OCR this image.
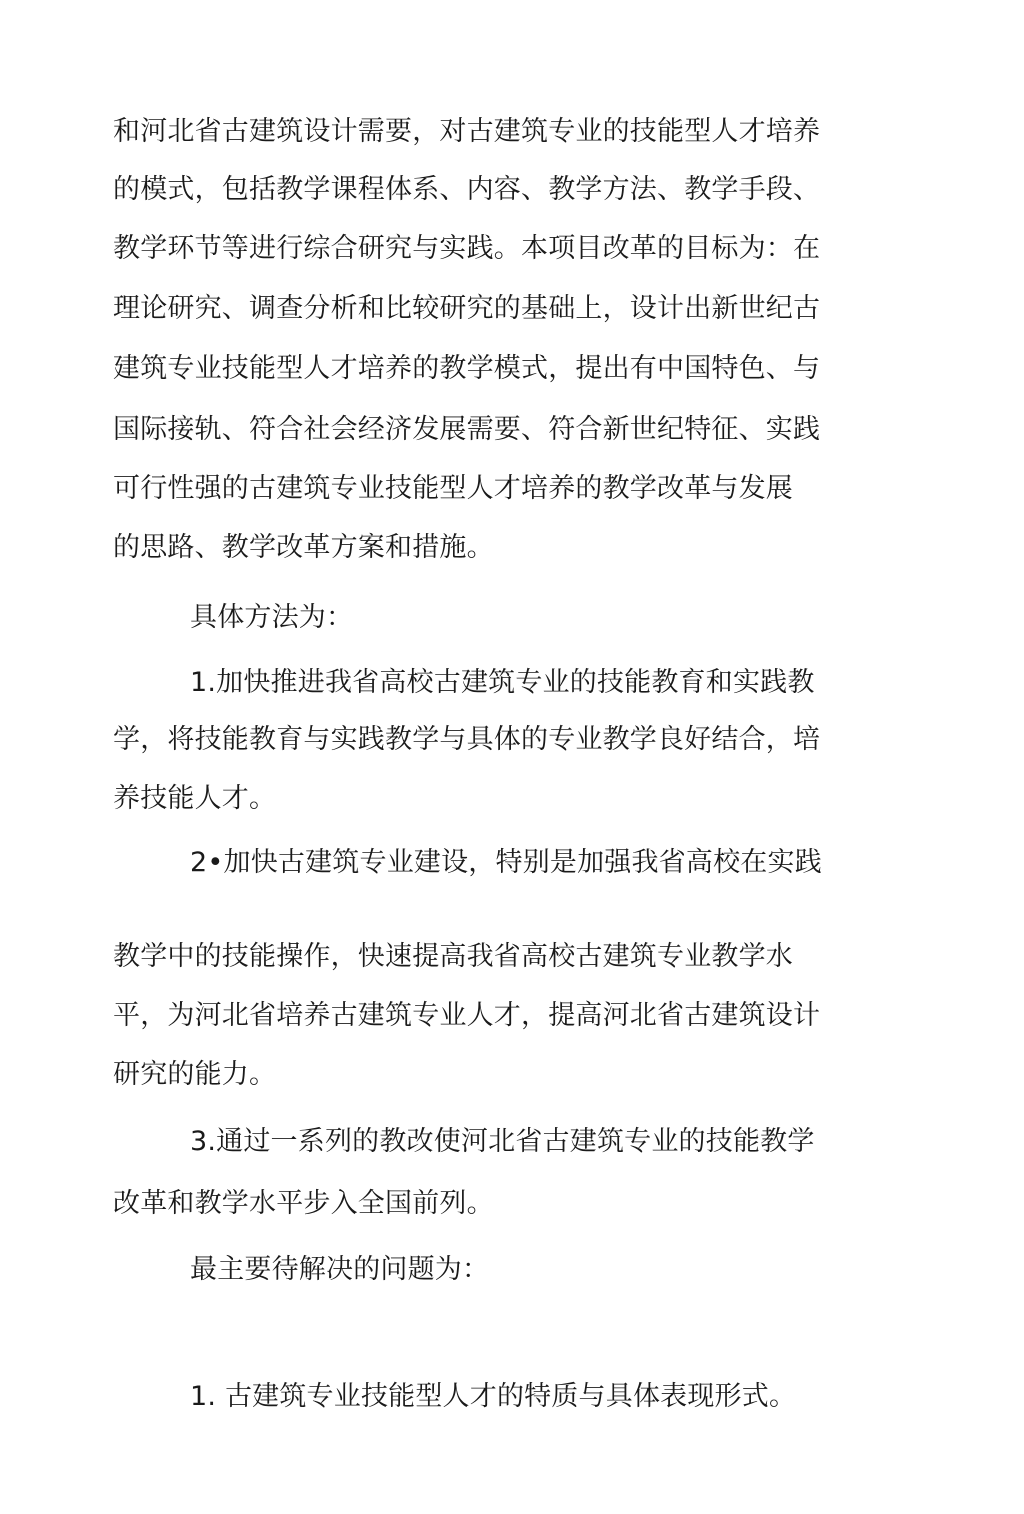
和河北省古建筑设计需要，对古建筑专业的技能型人才培养
的模式，包括教学课程体系、内容、教学方法、教学手段、
教学环节等进行综合研究与实践。本项目改革的目标为：在
理论研究、调查分析和比较研究的基础上，设计出新世纪古
建筑专业技能型人才培养的教学模式，提出有中国特色、与
国际接轨、符合社会经济发展需要、符合新世纪特征、实践
可行性强的古建筑专业技能型人才培养的教学改革与发展
的思路、教学改革方案和措施。
具体方法为：
1.加快推进我省高校古建筑专业的技能教育和实践教
学，将技能教育与实践教学与具体的专业教学良好结合，培
养技能人才。
2•加快古建筑专业建设，特别是加强我省高校在实践
教学中的技能操作，快速提高我省高校古建筑专业教学水
平，为河北省培养古建筑专业人才，提高河北省古建筑设计
研究的能力。
3.通过一系列的教改使河北省古建筑专业的技能教学
改革和教学水平步入全国前列。
最主要待解决的问题为：
1. 古建筑专业技能型人才的特质与具体表现形式。
